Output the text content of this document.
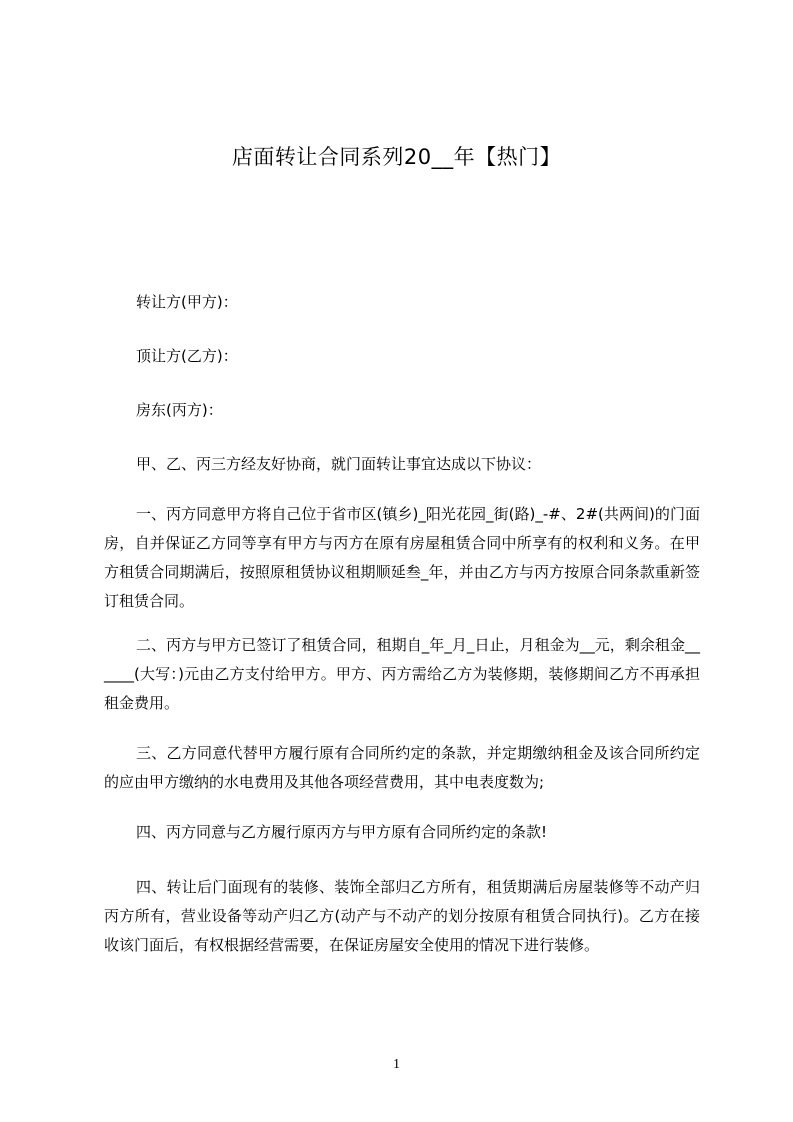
店面转让合同系列20__年【热门】
转让方(甲方)：
顶让方(乙方)：
房东(丙方)：
甲、乙、丙三方经友好协商，就门面转让事宜达成以下协议：
一、丙方同意甲方将自己位于省市区(镇乡)_阳光花园_街(路)_-#、2#(共两间)的门面房，自并保证乙方同等享有甲方与丙方在原有房屋租赁合同中所享有的权利和义务。在甲方租赁合同期满后，按照原租赁协议租期顺延叁_年，并由乙方与丙方按原合同条款重新签订租赁合同。
二、丙方与甲方已签订了租赁合同，租期自_年_月_日止，月租金为__元，剩余租金______(大写：)元由乙方支付给甲方。甲方、丙方需给乙方为装修期，装修期间乙方不再承担租金费用。
三、乙方同意代替甲方履行原有合同所约定的条款，并定期缴纳租金及该合同所约定的应由甲方缴纳的水电费用及其他各项经营费用，其中电表度数为;
四、丙方同意与乙方履行原丙方与甲方原有合同所约定的条款!
四、转让后门面现有的装修、装饰全部归乙方所有，租赁期满后房屋装修等不动产归丙方所有，营业设备等动产归乙方(动产与不动产的划分按原有租赁合同执行)。乙方在接收该门面后，有权根据经营需要，在保证房屋安全使用的情况下进行装修。
1
